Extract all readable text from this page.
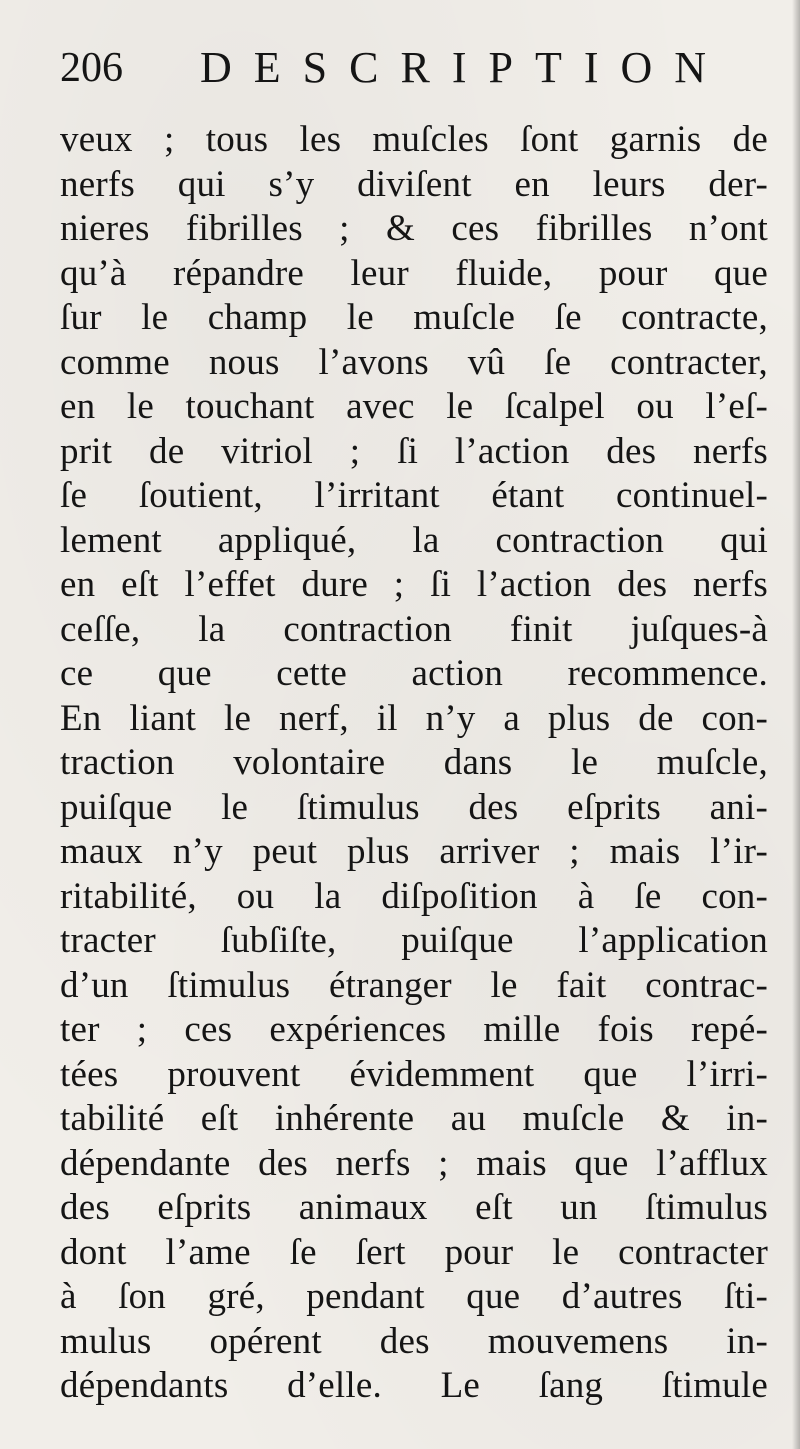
206 DESCRIPTION
veux ; tous les muſcles ſont garnis de
nerfs qui s’y diviſent en leurs der-
nieres fibrilles ; & ces fibrilles n’ont
qu’à répandre leur fluide, pour que
ſur le champ le muſcle ſe contracte,
comme nous l’avons vû ſe contracter,
en le touchant avec le ſcalpel ou l’eſ-
prit de vitriol ; ſi l’action des nerfs
ſe ſoutient, l’irritant étant continuel-
lement appliqué, la contraction qui
en eſt l’effet dure ; ſi l’action des nerfs
ceſſe, la contraction finit juſques-à
ce que cette action recommence.
En liant le nerf, il n’y a plus de con-
traction volontaire dans le muſcle,
puiſque le ſtimulus des eſprits ani-
maux n’y peut plus arriver ; mais l’ir-
ritabilité, ou la diſpoſition à ſe con-
tracter ſubſiſte, puiſque l’application
d’un ſtimulus étranger le fait contrac-
ter ; ces expériences mille fois repé-
tées prouvent évidemment que l’irri-
tabilité eſt inhérente au muſcle & in-
dépendante des nerfs ; mais que l’afflux
des eſprits animaux eſt un ſtimulus
dont l’ame ſe ſert pour le contracter
à ſon gré, pendant que d’autres ſti-
mulus opérent des mouvemens in-
dépendants d’elle. Le ſang ſtimule
